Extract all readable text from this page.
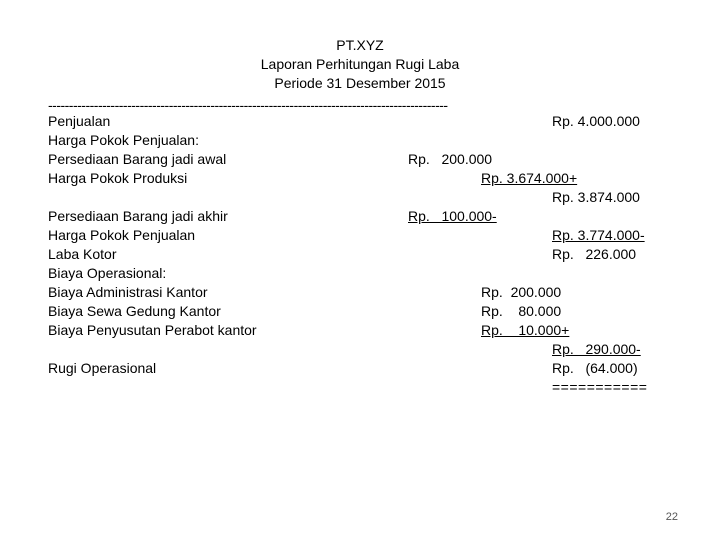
PT.XYZ
Laporan Perhitungan Rugi Laba
Periode 31 Desember 2015
------------------------------------------------------------------------------------------------
Penjualan	Rp. 4.000.000
Harga Pokok Penjualan:
Persediaan Barang jadi awal	Rp.   200.000
Harga Pokok Produksi	Rp. 3.674.000+
Rp. 3.874.000
Persediaan Barang jadi akhir	Rp.   100.000-
Harga Pokok Penjualan	Rp. 3.774.000-
Laba Kotor	Rp.   226.000
Biaya Operasional:
Biaya Administrasi Kantor	Rp.  200.000
Biaya Sewa Gedung Kantor	Rp.    80.000
Biaya Penyusutan Perabot kantor	Rp.    10.000+
Rp.   290.000-
Rugi Operasional	Rp.   (64.000)
===========
22
